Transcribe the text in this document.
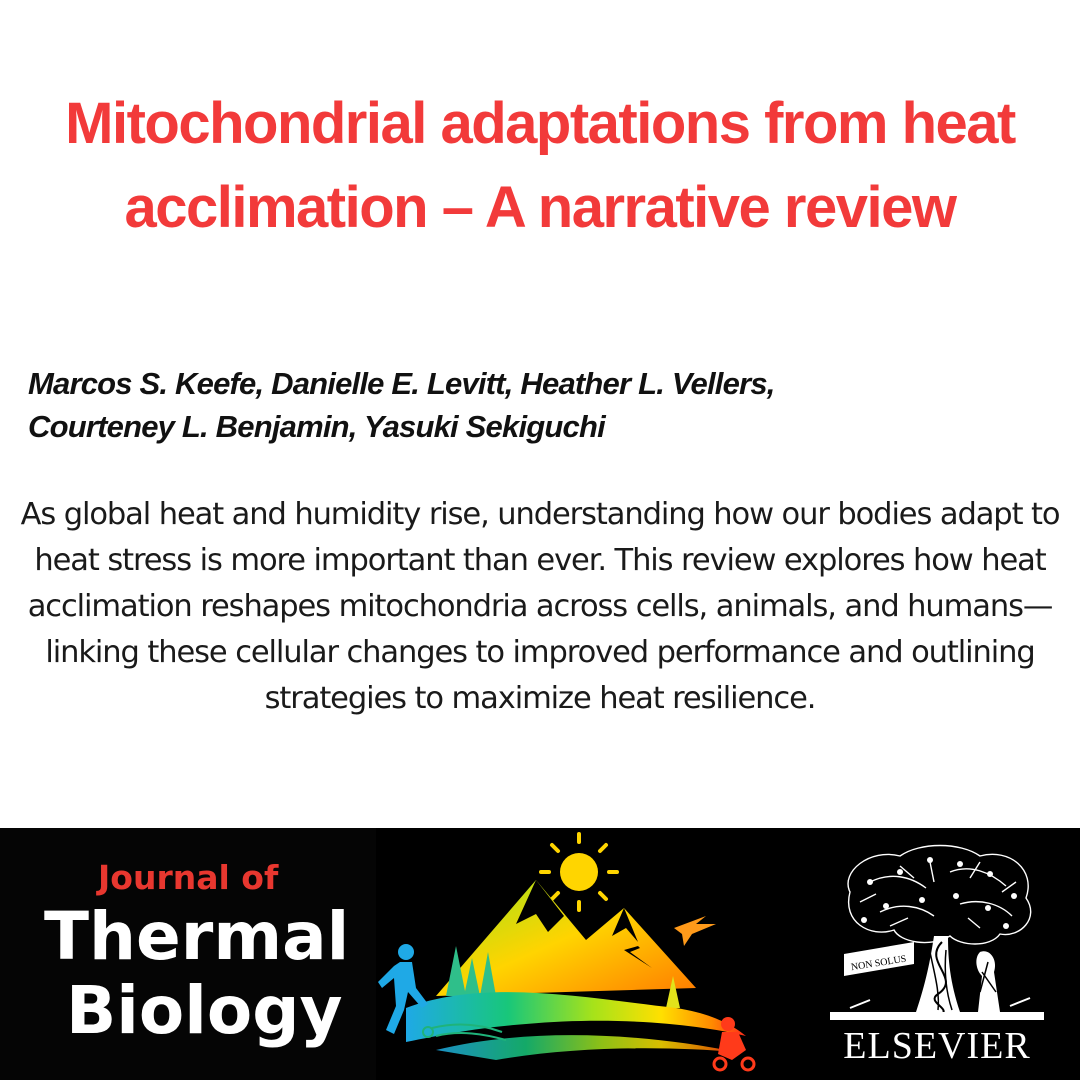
Mitochondrial adaptations from heat acclimation – A narrative review
Marcos S. Keefe, Danielle E. Levitt, Heather L. Vellers,
Courteney L. Benjamin, Yasuki Sekiguchi

As global heat and humidity rise, understanding how our bodies adapt to heat stress is more important than ever. This review explores how heat acclimation reshapes mitochondria across cells, animals, and humans—linking these cellular changes to improved performance and outlining strategies to maximize heat resilience.

Journal of
Thermal
Biology
NON SOLUS
ELSEVIER
